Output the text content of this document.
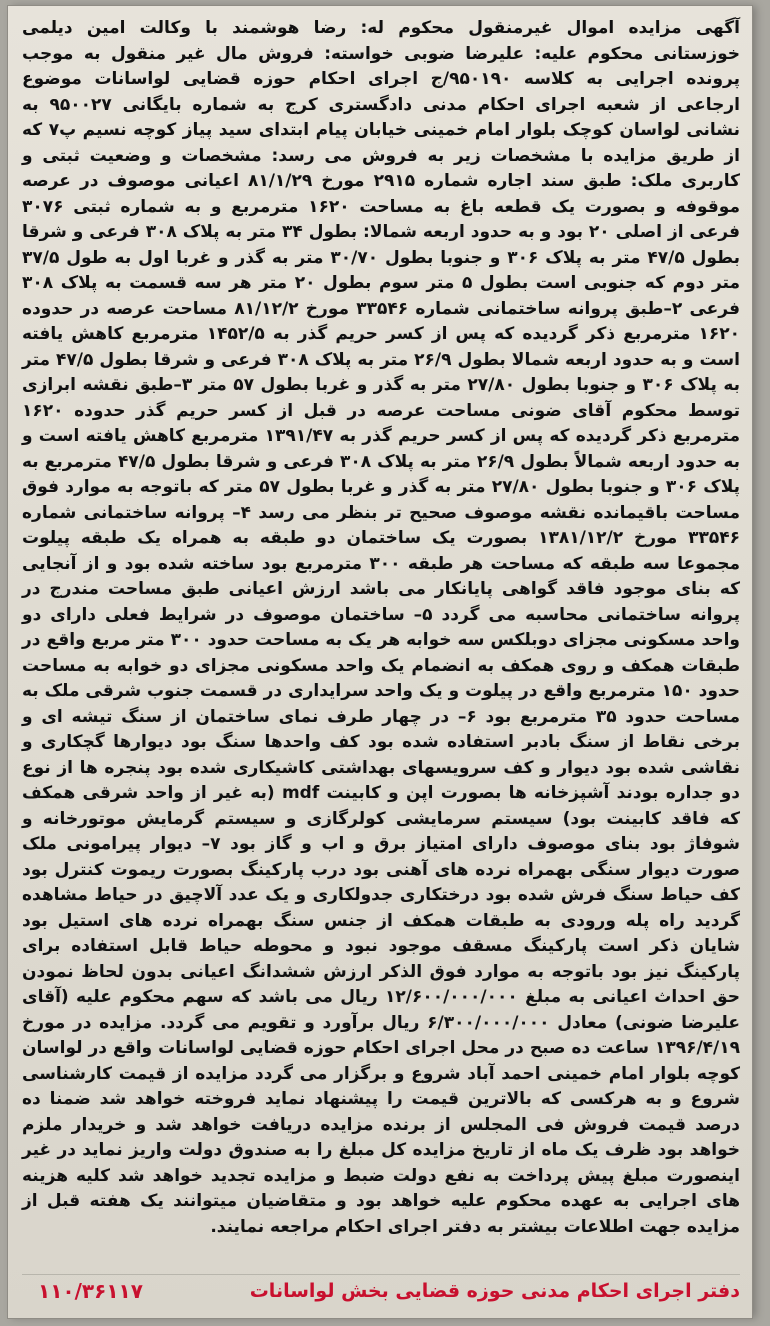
آگهی مزایده اموال غیرمنقول محکوم له: رضا هوشمند با وکالت امین دیلمی خوزستانی محکوم علیه: علیرضا ضوبی خواسته: فروش مال غیر منقول به موجب پرونده اجرایی به کلاسه ۹۵۰۱۹۰/ج اجرای احکام حوزه قضایی لواسانات موضوع ارجاعی از شعبه اجرای احکام مدنی دادگستری کرج به شماره بایگانی ۹۵۰۰۲۷ به نشانی لواسان کوچک بلوار امام خمینی خیابان پیام ابتدای سید پیاز کوچه نسیم پ۷ که از طریق مزایده با مشخصات زیر به فروش می رسد: مشخصات و وضعیت ثبتی و کاربری ملک: طبق سند اجاره شماره ۲۹۱۵ مورخ ۸۱/۱/۲۹ اعیانی موصوف در عرصه موقوفه و بصورت یک قطعه باغ به مساحت ۱۶۲۰ مترمربع و به شماره ثبتی ۳۰۷۶ فرعی از اصلی ۲۰ بود و به حدود اربعه شمالا: بطول ۳۴ متر به پلاک ۳۰۸ فرعی و شرقا بطول ۴۷/۵ متر به پلاک ۳۰۶ و جنوبا بطول ۳۰/۷۰ متر به گذر و غربا اول به طول ۳۷/۵ متر دوم که جنوبی است بطول ۵ متر سوم بطول ۲۰ متر هر سه قسمت به پلاک ۳۰۸ فرعی ۲–طبق پروانه ساختمانی شماره ۳۳۵۴۶ مورخ ۸۱/۱۲/۲ مساحت عرصه در حدوده ۱۶۲۰ مترمربع ذکر گردیده که پس از کسر حریم گذر به ۱۴۵۲/۵ مترمربع کاهش یافته است و به حدود اربعه شمالا بطول ۲۶/۹ متر به پلاک ۳۰۸ فرعی و شرقا بطول ۴۷/۵ متر به پلاک ۳۰۶ و جنوبا بطول ۲۷/۸۰ متر به گذر و غربا بطول ۵۷ متر ۳–طبق نقشه ابرازی توسط محکوم آقای ضونی مساحت عرصه در قبل از کسر حریم گذر حدوده ۱۶۲۰ مترمربع ذکر گردیده که پس از کسر حریم گذر به ۱۳۹۱/۴۷ مترمربع کاهش یافته است و به حدود اربعه شمالاً بطول ۲۶/۹ متر به پلاک ۳۰۸ فرعی و شرقا بطول ۴۷/۵ مترمربع به پلاک ۳۰۶ و جنوبا بطول ۲۷/۸۰ متر به گذر و غربا بطول ۵۷ متر که باتوجه به موارد فوق مساحت باقیمانده نقشه موصوف صحیح تر بنظر می رسد ۴– پروانه ساختمانی شماره ۳۳۵۴۶ مورخ ۱۳۸۱/۱۲/۲ بصورت یک ساختمان دو طبقه به همراه یک طبقه پیلوت مجموعا سه طبقه که مساحت هر طبقه ۳۰۰ مترمربع بود ساخته شده بود و از آنجایی که بنای موجود فاقد گواهی پایانکار می باشد ارزش اعیانی طبق مساحت مندرج در پروانه ساختمانی محاسبه می گردد ۵– ساختمان موصوف در شرایط فعلی دارای دو واحد مسکونی مجزای دوبلکس سه خوابه هر یک به مساحت حدود ۳۰۰ متر مربع واقع در طبقات همکف و روی همکف به انضمام یک واحد مسکونی مجزای دو خوابه به مساحت حدود ۱۵۰ مترمربع واقع در پیلوت و یک واحد سرایداری در قسمت جنوب شرقی ملک به مساحت حدود ۳۵ مترمربع بود ۶– در چهار طرف نمای ساختمان از سنگ تیشه ای و برخی نقاط از سنگ بادبر استفاده شده بود کف واحدها سنگ بود دیوارها گچکاری و نقاشی شده بود دیوار و کف سرویسهای بهداشتی کاشیکاری شده بود پنجره ها از نوع دو جداره بودند آشپزخانه ها بصورت اپن و کابینت mdf (به غیر از واحد شرقی همکف که فاقد کابینت بود) سیستم سرمایشی کولرگازی و سیستم گرمایش موتورخانه و شوفاژ بود بنای موصوف دارای امتیاز برق و اب و گاز بود ۷– دیوار پیرامونی ملک صورت دیوار سنگی بهمراه نرده های آهنی بود درب پارکینگ بصورت ریموت کنترل بود کف حیاط سنگ فرش شده بود درختکاری جدولکاری و یک عدد آلاچیق در حیاط مشاهده گردید راه پله ورودی به طبقات همکف از جنس سنگ بهمراه نرده های استیل بود شایان ذکر است پارکینگ مسقف موجود نبود و محوطه حیاط قابل استفاده برای پارکینگ نیز بود باتوجه به موارد فوق الذکر ارزش ششدانگ اعیانی بدون لحاظ نمودن حق احداث اعیانی به مبلغ ۱۲/۶۰۰/۰۰۰/۰۰۰ ریال می باشد که سهم محکوم علیه (آقای علیرضا ضونی) معادل ۶/۳۰۰/۰۰۰/۰۰۰ ریال برآورد و تقویم می گردد. مزایده در مورخ ۱۳۹۶/۴/۱۹ ساعت ده صبح در محل اجرای احکام حوزه قضایی لواسانات واقع در لواسان کوچه بلوار امام خمینی احمد آباد شروع و برگزار می گردد مزایده از قیمت کارشناسی شروع و به هرکسی که بالاترین قیمت را پیشنهاد نماید فروخته خواهد شد ضمنا ده درصد قیمت فروش فی المجلس از برنده مزایده دریافت خواهد شد و خریدار ملزم خواهد بود ظرف یک ماه از تاریخ مزایده کل مبلغ را به صندوق دولت واریز نماید در غیر اینصورت مبلغ پیش پرداخت به نفع دولت ضبط و مزایده تجدید خواهد شد کلیه هزینه های اجرایی به عهده محکوم علیه خواهد بود و متقاضیان میتوانند یک هفته قبل از مزایده جهت اطلاعات بیشتر به دفتر اجرای احکام مراجعه نمایند.

دفتر اجرای احکام مدنی حوزه قضایی بخش لواسانات
۱۱۰/۳۶۱۱۷
